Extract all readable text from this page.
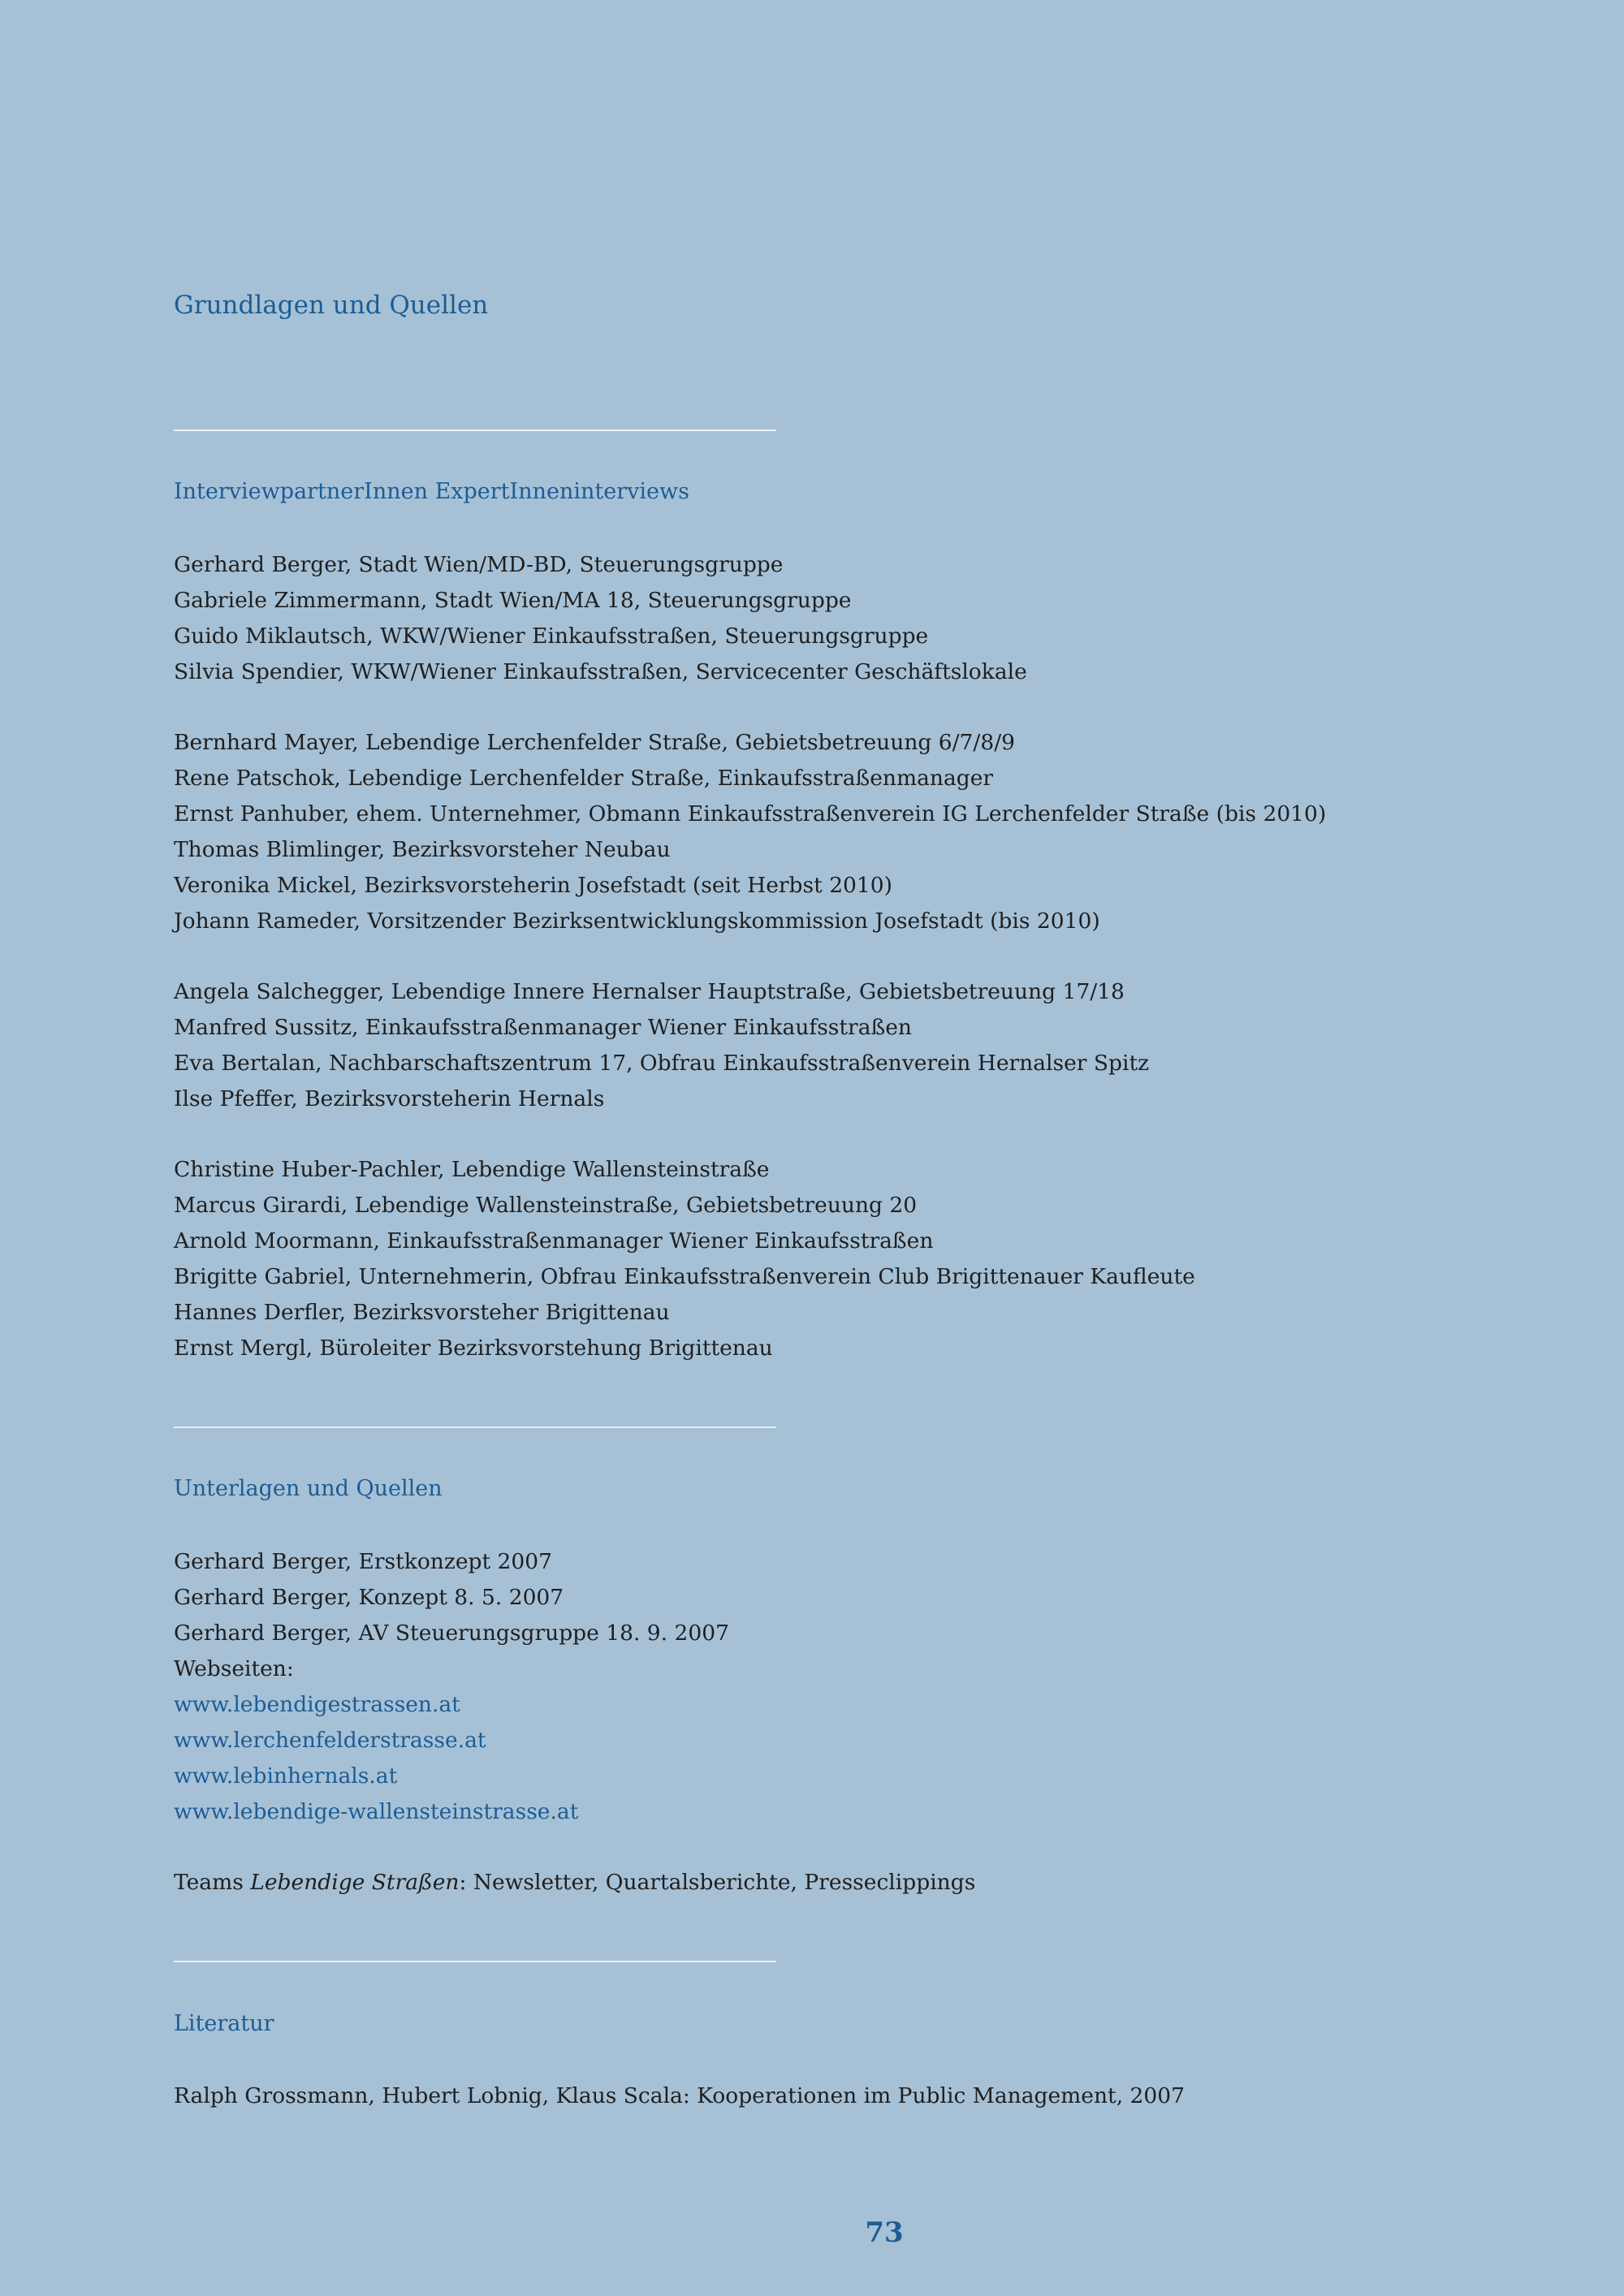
Grundlagen und Quellen
InterviewpartnerInnen ExpertInneninterviews
Gerhard Berger, Stadt Wien/MD-BD, Steuerungsgruppe
Gabriele Zimmermann, Stadt Wien/MA 18, Steuerungsgruppe
Guido Miklautsch, WKW/Wiener Einkaufsstraßen, Steuerungsgruppe
Silvia Spendier, WKW/Wiener Einkaufsstraßen, Servicecenter Geschäftslokale
Bernhard Mayer, Lebendige Lerchenfelder Straße, Gebietsbetreuung 6/7/8/9
Rene Patschok, Lebendige Lerchenfelder Straße, Einkaufsstraßenmanager
Ernst Panhuber, ehem. Unternehmer, Obmann Einkaufsstraßenverein IG Lerchenfelder Straße (bis 2010)
Thomas Blimlinger, Bezirksvorsteher Neubau
Veronika Mickel, Bezirksvorsteherin Josefstadt (seit Herbst 2010)
Johann Rameder, Vorsitzender Bezirksentwicklungskommission Josefstadt (bis 2010)
Angela Salchegger, Lebendige Innere Hernalser Hauptstraße, Gebietsbetreuung 17/18
Manfred Sussitz, Einkaufsstraßenmanager Wiener Einkaufsstraßen
Eva Bertalan, Nachbarschaftszentrum 17, Obfrau Einkaufsstraßenverein Hernalser Spitz
Ilse Pfeffer, Bezirksvorsteherin Hernals
Christine Huber-Pachler, Lebendige Wallensteinstraße
Marcus Girardi, Lebendige Wallensteinstraße, Gebietsbetreuung 20
Arnold Moormann, Einkaufsstraßenmanager Wiener Einkaufsstraßen
Brigitte Gabriel, Unternehmerin, Obfrau Einkaufsstraßenverein Club Brigittenauer Kaufleute
Hannes Derfler, Bezirksvorsteher Brigittenau
Ernst Mergl, Büroleiter Bezirksvorstehung Brigittenau
Unterlagen und Quellen
Gerhard Berger, Erstkonzept 2007
Gerhard Berger, Konzept 8. 5. 2007
Gerhard Berger, AV Steuerungsgruppe 18. 9. 2007
Webseiten:
www.lebendigestrassen.at
www.lerchenfelderstrasse.at
www.lebinhernals.at
www.lebendige-wallensteinstrasse.at
Teams Lebendige Straßen: Newsletter, Quartalsberichte, Presseclippings
Literatur
Ralph Grossmann, Hubert Lobnig, Klaus Scala: Kooperationen im Public Management, 2007
73
